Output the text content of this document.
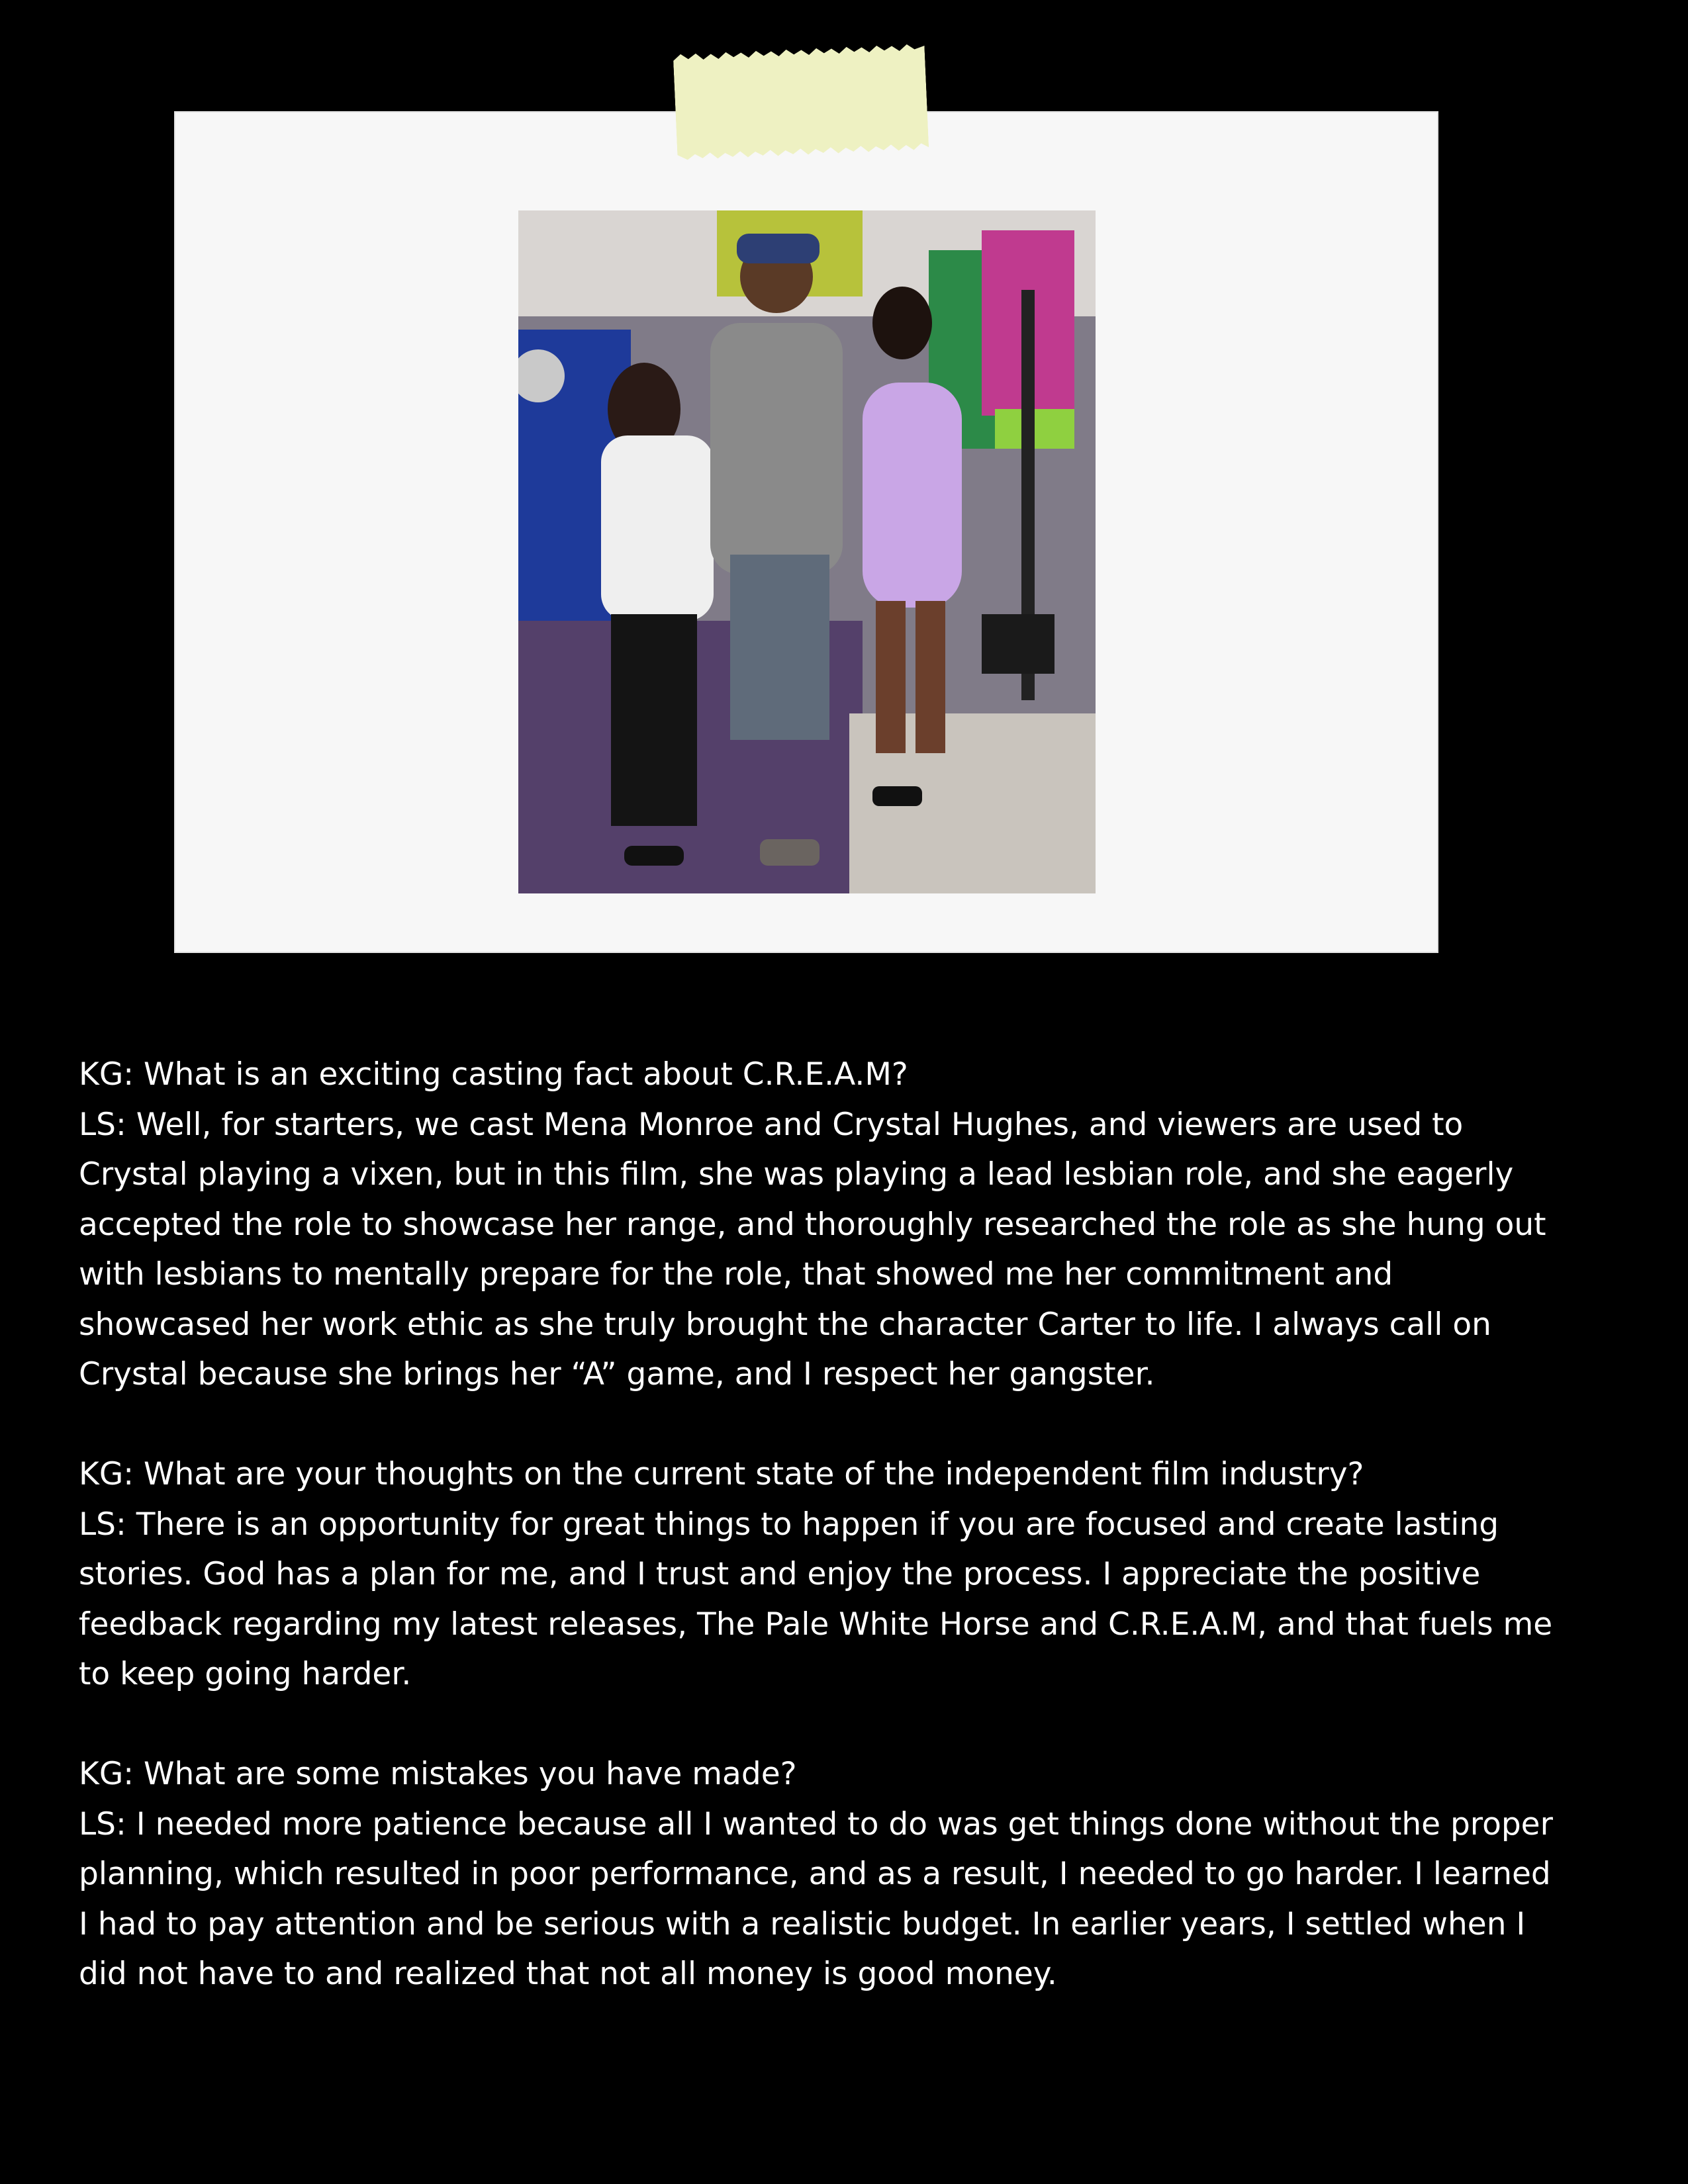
KG: What is an exciting casting fact about C.R.E.A.M?
LS: Well, for starters, we cast Mena Monroe and Crystal Hughes, and viewers are used to
Crystal playing a vixen, but in this film, she was playing a lead lesbian role, and she eagerly
accepted the role to showcase her range, and thoroughly researched the role as she hung out
with lesbians to mentally prepare for the role, that showed me her commitment and
showcased her work ethic as she truly brought the character Carter to life. I always call on
Crystal because she brings her “A” game, and I respect her gangster.
KG: What are your thoughts on the current state of the independent film industry?
LS: There is an opportunity for great things to happen if you are focused and create lasting
stories. God has a plan for me, and I trust and enjoy the process. I appreciate the positive
feedback regarding my latest releases, The Pale White Horse and C.R.E.A.M, and that fuels me
to keep going harder.
KG: What are some mistakes you have made?
LS: I needed more patience because all I wanted to do was get things done without the proper
planning, which resulted in poor performance, and as a result, I needed to go harder. I learned
I had to pay attention and be serious with a realistic budget. In earlier years, I settled when I
did not have to and realized that not all money is good money.
